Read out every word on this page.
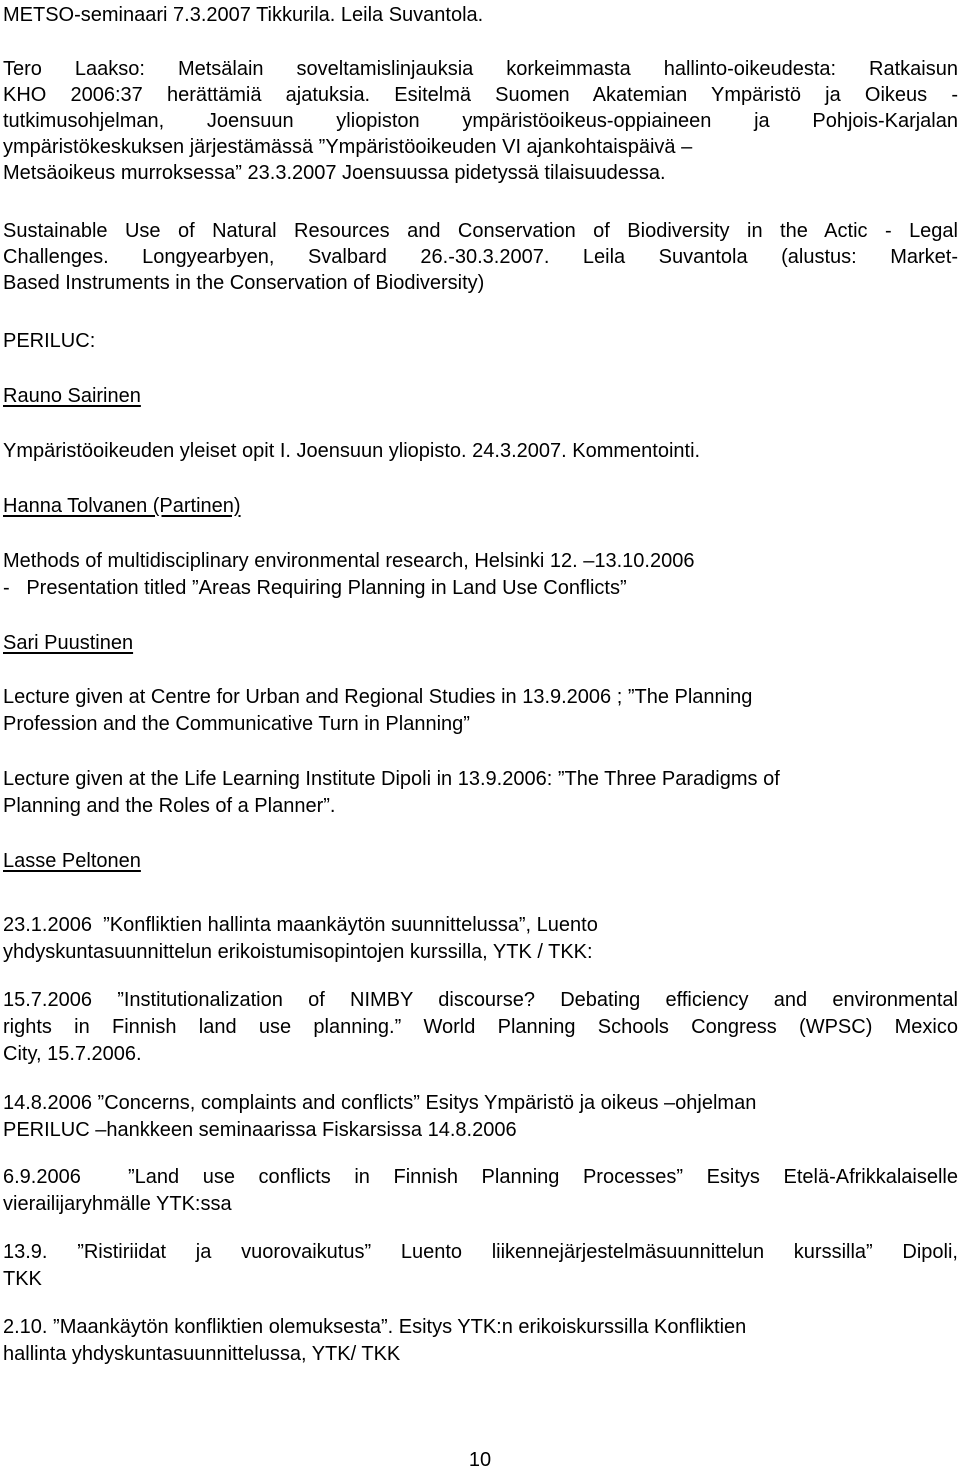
METSO-seminaari 7.3.2007 Tikkurila. Leila Suvantola.
Tero Laakso: Metsälain soveltamislinjauksia korkeimmasta hallinto-oikeudesta: Ratkaisun
KHO 2006:37 herättämiä ajatuksia. Esitelmä Suomen Akatemian Ympäristö ja Oikeus -
tutkimusohjelman, Joensuun yliopiston ympäristöoikeus-oppiaineen ja Pohjois-Karjalan
ympäristökeskuksen järjestämässä ”Ympäristöoikeuden VI ajankohtaispäivä –
Metsäoikeus murroksessa” 23.3.2007 Joensuussa pidetyssä tilaisuudessa.
Sustainable Use of Natural Resources and Conservation of Biodiversity in the Actic - Legal
Challenges. Longyearbyen, Svalbard 26.-30.3.2007. Leila Suvantola (alustus: Market-
Based Instruments in the Conservation of Biodiversity)
PERILUC:
Rauno Sairinen
Ympäristöoikeuden yleiset opit I. Joensuun yliopisto. 24.3.2007. Kommentointi.
Hanna Tolvanen (Partinen)
Methods of multidisciplinary environmental research, Helsinki 12. –13.10.2006
-   Presentation titled ”Areas Requiring Planning in Land Use Conflicts”
Sari Puustinen
Lecture given at Centre for Urban and Regional Studies in 13.9.2006 ; ”The Planning
Profession and the Communicative Turn in Planning”
Lecture given at the Life Learning Institute Dipoli in 13.9.2006: ”The Three Paradigms of
Planning and the Roles of a Planner”.
Lasse Peltonen
23.1.2006  ”Konfliktien hallinta maankäytön suunnittelussa”, Luento
yhdyskuntasuunnittelun erikoistumisopintojen kurssilla, YTK / TKK:
15.7.2006 ”Institutionalization of NIMBY discourse? Debating efficiency and environmental
rights in Finnish land use planning.” World Planning Schools Congress (WPSC) Mexico
City, 15.7.2006.
14.8.2006 ”Concerns, complaints and conflicts” Esitys Ympäristö ja oikeus –ohjelman
PERILUC –hankkeen seminaarissa Fiskarsissa 14.8.2006
6.9.2006  ”Land use conflicts in Finnish Planning Processes” Esitys Etelä-Afrikkalaiselle
vierailijaryhmälle YTK:ssa
13.9. ”Ristiriidat ja vuorovaikutus” Luento liikennejärjestelmäsuunnittelun kurssilla” Dipoli,
TKK
2.10. ”Maankäytön konfliktien olemuksesta”. Esitys YTK:n erikoiskurssilla Konfliktien
hallinta yhdyskuntasuunnittelussa, YTK/ TKK
10
